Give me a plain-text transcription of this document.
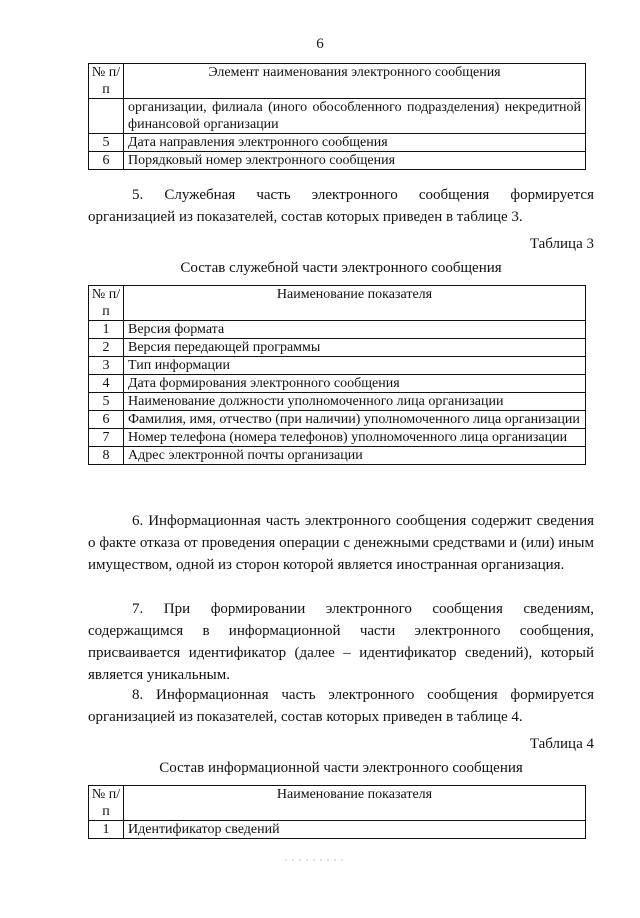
6
№ п/п	Элемент наименования электронного сообщения
	организации, филиала (иного обособленного подразделения) некредитной финансовой организации
5	Дата направления электронного сообщения
6	Порядковый номер электронного сообщения

5. Служебная часть электронного сообщения формируется организацией из показателей, состав которых приведен в таблице 3.

Таблица 3
Состав служебной части электронного сообщения
№ п/п	Наименование показателя
1	Версия формата
2	Версия передающей программы
3	Тип информации
4	Дата формирования электронного сообщения
5	Наименование должности уполномоченного лица организации
6	Фамилия, имя, отчество (при наличии) уполномоченного лица организации
7	Номер телефона (номера телефонов) уполномоченного лица организации
8	Адрес электронной почты организации

6. Информационная часть электронного сообщения содержит сведения о факте отказа от проведения операции с денежными средствами и (или) иным имуществом, одной из сторон которой является иностранная организация.

7. При формировании электронного сообщения сведениям, содержащимся в информационной части электронного сообщения, присваивается идентификатор (далее – идентификатор сведений), который является уникальным.

8. Информационная часть электронного сообщения формируется организацией из показателей, состав которых приведен в таблице 4.

Таблица 4
Состав информационной части электронного сообщения
№ п/п	Наименование показателя
1	Идентификатор сведений
